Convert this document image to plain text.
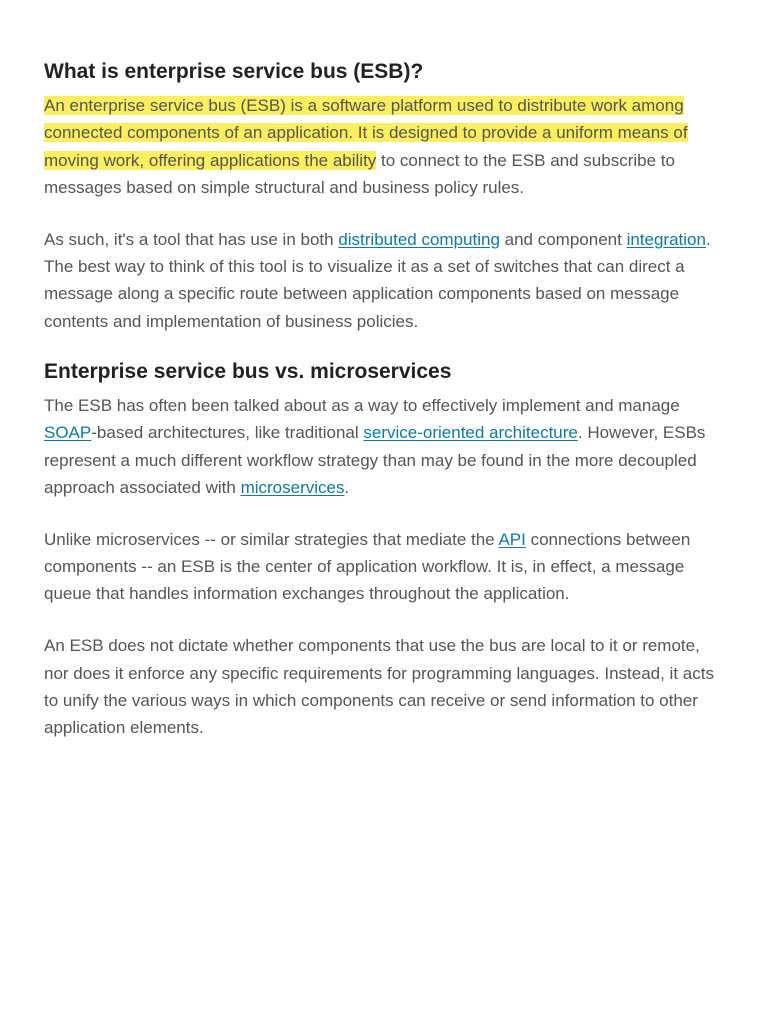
What is enterprise service bus (ESB)?

An enterprise service bus (ESB) is a software platform used to distribute work among connected components of an application. It is designed to provide a uniform means of moving work, offering applications the ability to connect to the ESB and subscribe to messages based on simple structural and business policy rules.

As such, it's a tool that has use in both distributed computing and component integration. The best way to think of this tool is to visualize it as a set of switches that can direct a message along a specific route between application components based on message contents and implementation of business policies.

Enterprise service bus vs. microservices

The ESB has often been talked about as a way to effectively implement and manage SOAP-based architectures, like traditional service-oriented architecture. However, ESBs represent a much different workflow strategy than may be found in the more decoupled approach associated with microservices.

Unlike microservices -- or similar strategies that mediate the API connections between components -- an ESB is the center of application workflow. It is, in effect, a message queue that handles information exchanges throughout the application.

An ESB does not dictate whether components that use the bus are local to it or remote, nor does it enforce any specific requirements for programming languages. Instead, it acts to unify the various ways in which components can receive or send information to other application elements.
